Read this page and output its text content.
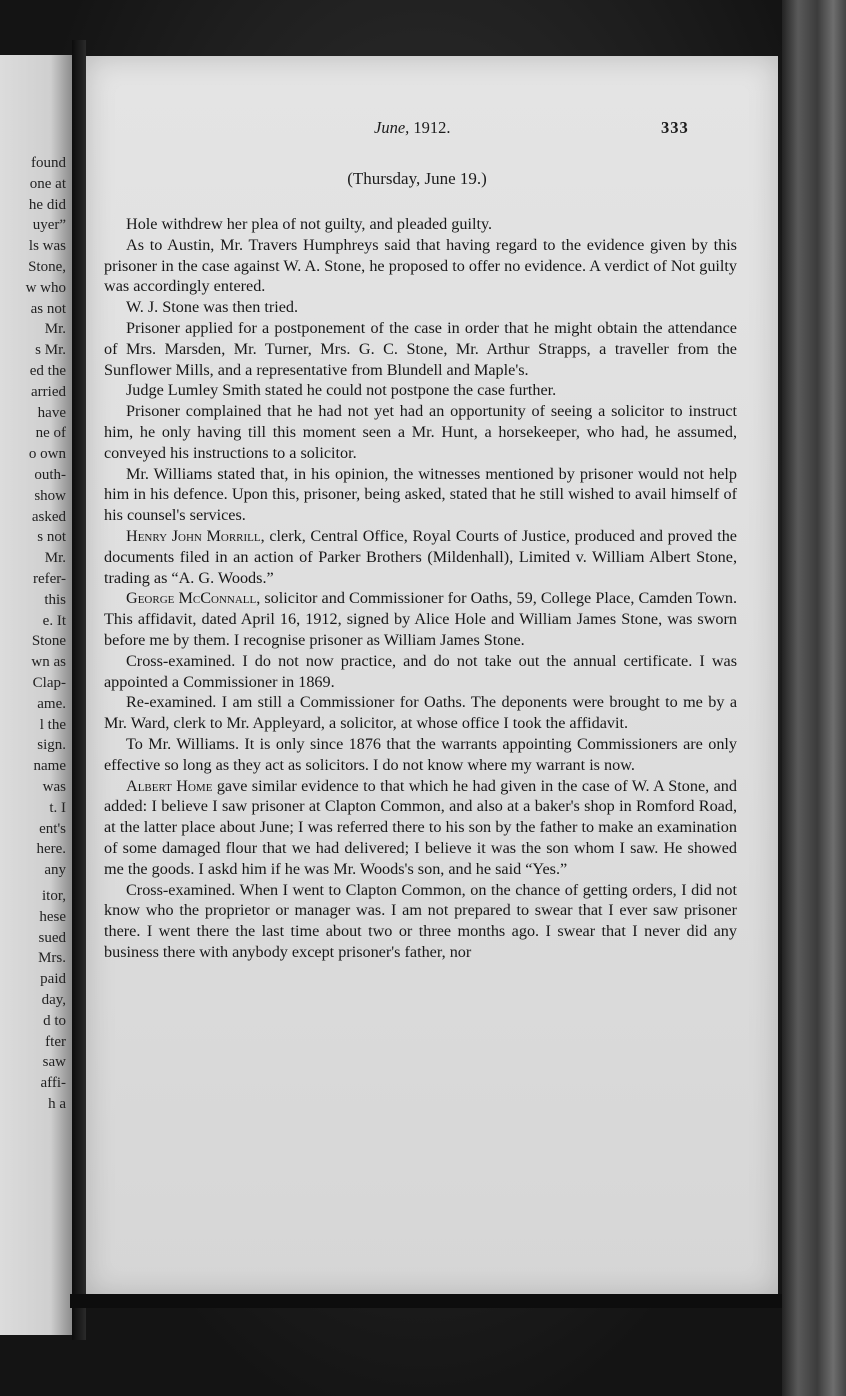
found
one at
he did
uyer”
ls was
Stone,
w who
as not
Mr.
s Mr.
ed the
arried
have
ne of
o own
outh-
show
asked
s not
Mr.
refer-
this
e. It
Stone
wn as
Clap-
ame.
l the
sign.
name
was
t. I
ent's
here.
any
itor,
hese
sued
Mrs.
paid
day,
d to
fter
saw
affi-
h a
June, 1912.	333
(Thursday, June 19.)

Hole withdrew her plea of not guilty, and pleaded guilty.

As to Austin, Mr. Travers Humphreys said that having regard to the evidence given by this prisoner in the case against W. A. Stone, he proposed to offer no evidence. A verdict of Not guilty was accordingly entered.

W. J. Stone was then tried.

Prisoner applied for a postponement of the case in order that he might obtain the attendance of Mrs. Marsden, Mr. Turner, Mrs. G. C. Stone, Mr. Arthur Strapps, a traveller from the Sunflower Mills, and a representative from Blundell and Maple's.

Judge Lumley Smith stated he could not postpone the case further.

Prisoner complained that he had not yet had an opportunity of seeing a solicitor to instruct him, he only having till this moment seen a Mr. Hunt, a horsekeeper, who had, he assumed, conveyed his instructions to a solicitor.

Mr. Williams stated that, in his opinion, the witnesses mentioned by prisoner would not help him in his defence. Upon this, prisoner, being asked, stated that he still wished to avail himself of his counsel's services.

Henry John Morrill, clerk, Central Office, Royal Courts of Justice, produced and proved the documents filed in an action of Parker Brothers (Mildenhall), Limited v. William Albert Stone, trading as “A. G. Woods.”

George McConnall, solicitor and Commissioner for Oaths, 59, College Place, Camden Town. This affidavit, dated April 16, 1912, signed by Alice Hole and William James Stone, was sworn before me by them. I recognise prisoner as William James Stone.

Cross-examined. I do not now practice, and do not take out the annual certificate. I was appointed a Commissioner in 1869.

Re-examined. I am still a Commissioner for Oaths. The deponents were brought to me by a Mr. Ward, clerk to Mr. Appleyard, a solicitor, at whose office I took the affidavit.

To Mr. Williams. It is only since 1876 that the warrants appointing Commissioners are only effective so long as they act as solicitors. I do not know where my warrant is now.

Albert Home gave similar evidence to that which he had given in the case of W. A Stone, and added: I believe I saw prisoner at Clapton Common, and also at a baker's shop in Romford Road, at the latter place about June; I was referred there to his son by the father to make an examination of some damaged flour that we had delivered; I believe it was the son whom I saw. He showed me the goods. I askd him if he was Mr. Woods's son, and he said “Yes.”

Cross-examined. When I went to Clapton Common, on the chance of getting orders, I did not know who the proprietor or manager was. I am not prepared to swear that I ever saw prisoner there. I went there the last time about two or three months ago. I swear that I never did any business there with anybody except prisoner's father, nor
